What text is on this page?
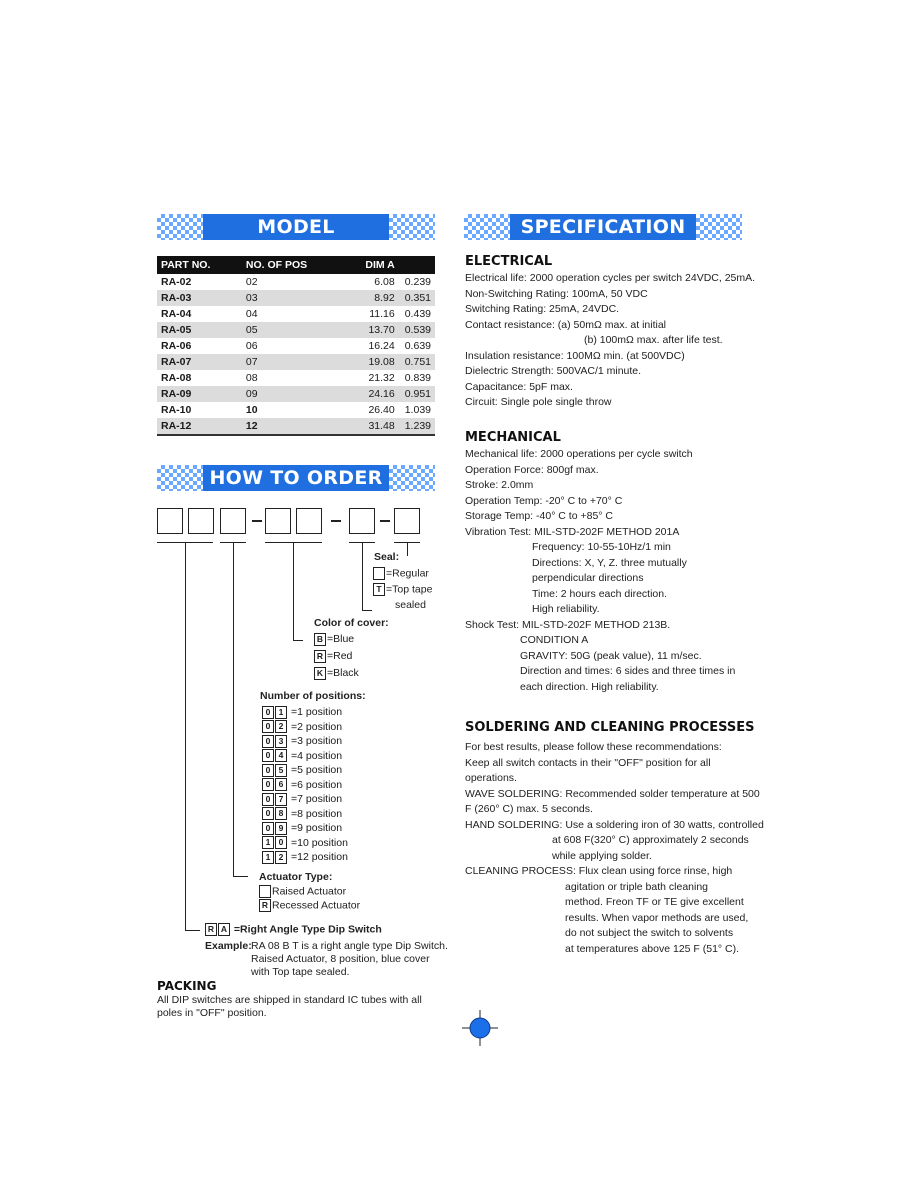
MODEL
PART NO.	NO. OF POS	DIM A	
RA-02	02	6.08	0.239
RA-03	03	8.92	0.351
RA-04	04	11.16	0.439
RA-05	05	13.70	0.539
RA-06	06	16.24	0.639
RA-07	07	19.08	0.751
RA-08	08	21.32	0.839
RA-09	09	24.16	0.951
RA-10	10	26.40	1.039
RA-12	12	31.48	1.239
HOW TO ORDER
Seal:
=Regular
T =Top tape
sealed
Color of cover:
B =Blue
R =Red
K =Black
Number of positions:
0 1 =1 position
0 2 =2 position
0 3 =3 position
0 4 =4 position
0 5 =5 position
0 6 =6 position
0 7 =7 position
0 8 =8 position
0 9 =9 position
1 0 =10 position
1 2 =12 position
Actuator Type:
Raised Actuator
R Recessed Actuator
R A =Right Angle Type Dip Switch
Example: RA 08 B T is a right angle type Dip Switch.
Raised Actuator, 8 position, blue cover
with Top tape sealed.
PACKING
All DIP switches are shipped in standard IC tubes with all
poles in "OFF" position.
SPECIFICATION
ELECTRICAL
Electrical life: 2000 operation cycles per switch 24VDC, 25mA.
Non-Switching Rating: 100mA, 50 VDC
Switching Rating: 25mA, 24VDC.
Contact resistance: (a) 50mΩ max. at initial
(b) 100mΩ max. after life test.
Insulation resistance: 100MΩ min. (at 500VDC)
Dielectric Strength: 500VAC/1 minute.
Capacitance: 5pF max.
Circuit: Single pole single throw
MECHANICAL
Mechanical life: 2000 operations per cycle switch
Operation Force: 800gf max.
Stroke: 2.0mm
Operation Temp: -20° C to +70° C
Storage Temp: -40° C to +85° C
Vibration Test: MIL-STD-202F METHOD 201A
Frequency: 10-55-10Hz/1 min
Directions: X, Y, Z. three mutually
perpendicular directions
Time: 2 hours each direction.
High reliability.
Shock Test: MIL-STD-202F METHOD 213B.
CONDITION A
GRAVITY: 50G (peak value), 11 m/sec.
Direction and times: 6 sides and three times in
each direction. High reliability.
SOLDERING AND CLEANING PROCESSES
For best results, please follow these recommendations:
Keep all switch contacts in their "OFF" position for all
operations.
WAVE SOLDERING: Recommended solder temperature at 500
F (260° C) max. 5 seconds.
HAND SOLDERING: Use a soldering iron of 30 watts, controlled
at 608 F(320° C) approximately 2 seconds
while applying solder.
CLEANING PROCESS: Flux clean using force rinse, high
agitation or triple bath cleaning
method. Freon TF or TE give excellent
results. When vapor methods are used,
do not subject the switch to solvents
at temperatures above 125 F (51° C).
